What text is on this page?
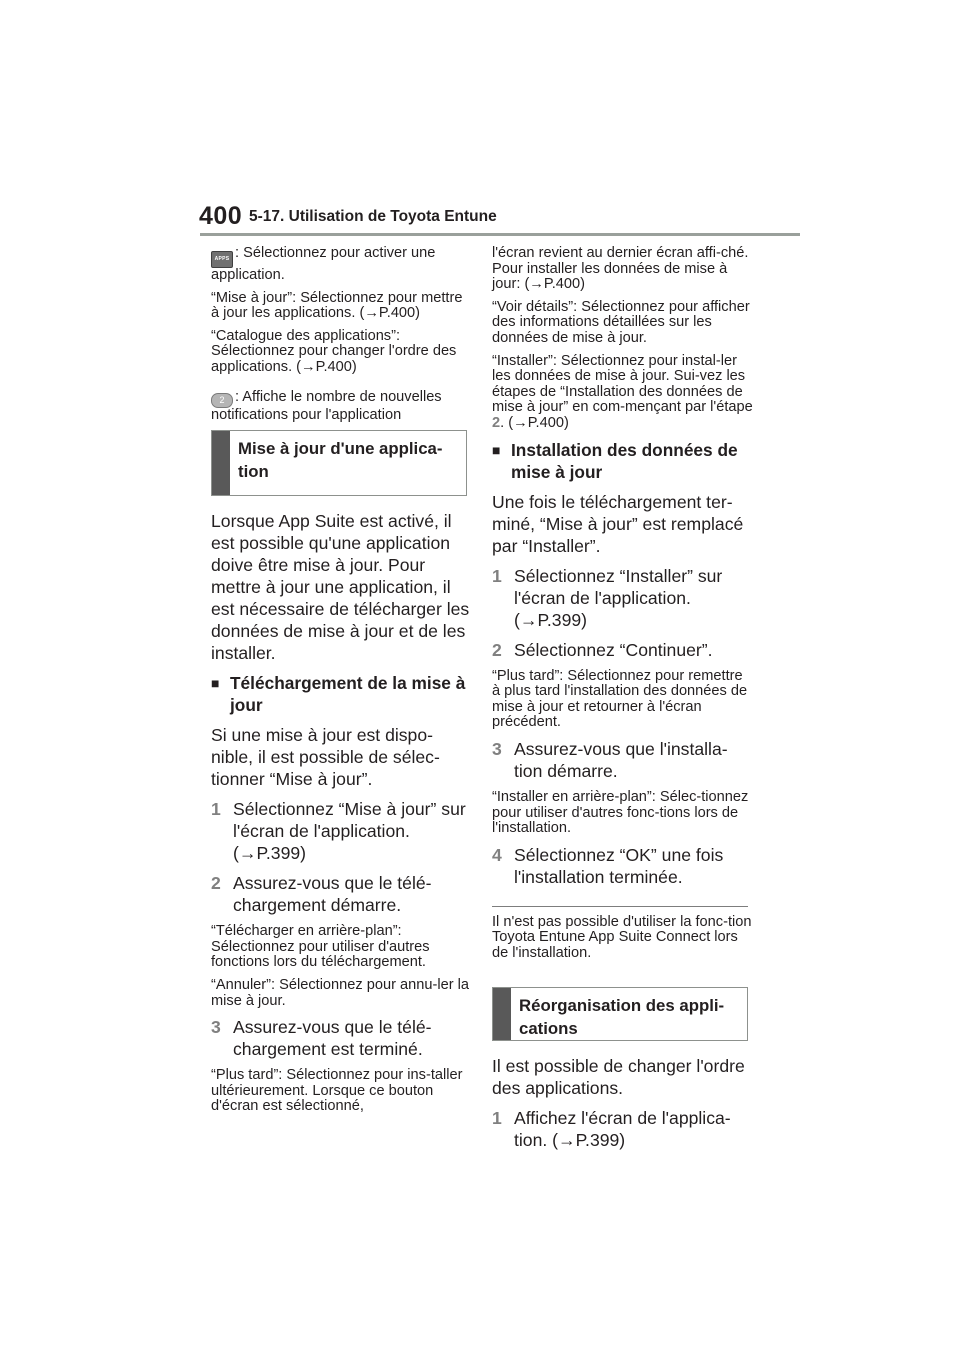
400 5-17. Utilisation de Toyota Entune

APPS : Sélectionnez pour activer une application.

“Mise à jour”: Sélectionnez pour mettre à jour les applications. (→P.400)

“Catalogue des applications”: Sélectionnez pour changer l'ordre des applications. (→P.400)

2 : Affiche le nombre de nouvelles notifications pour l'application

Mise à jour d'une applica-tion

Lorsque App Suite est activé, il est possible qu'une application doive être mise à jour. Pour mettre à jour une application, il est nécessaire de télécharger les données de mise à jour et de les installer.

■ Téléchargement de la mise à jour

Si une mise à jour est dispo-nible, il est possible de sélec-tionner “Mise à jour”.

1 Sélectionnez “Mise à jour” sur l'écran de l'application. (→P.399)
2 Assurez-vous que le télé-chargement démarre.

“Télécharger en arrière-plan”: Sélectionnez pour utiliser d'autres fonctions lors du téléchargement.

“Annuler”: Sélectionnez pour annu-ler la mise à jour.

3 Assurez-vous que le télé-chargement est terminé.

“Plus tard”: Sélectionnez pour ins-taller ultérieurement. Lorsque ce bouton d'écran est sélectionné,

l'écran revient au dernier écran affi-ché. Pour installer les données de mise à jour: (→P.400)

“Voir détails”: Sélectionnez pour afficher des informations détaillées sur les données de mise à jour.

“Installer”: Sélectionnez pour instal-ler les données de mise à jour. Sui-vez les étapes de “Installation des données de mise à jour” en com-mençant par l'étape 2. (→P.400)

■ Installation des données de mise à jour

Une fois le téléchargement ter-miné, “Mise à jour” est remplacé par “Installer”.

1 Sélectionnez “Installer” sur l'écran de l'application. (→P.399)
2 Sélectionnez “Continuer”.

“Plus tard”: Sélectionnez pour remettre à plus tard l'installation des données de mise à jour et retourner à l'écran précédent.

3 Assurez-vous que l'installa-tion démarre.

“Installer en arrière-plan”: Sélec-tionnez pour utiliser d'autres fonc-tions lors de l'installation.

4 Sélectionnez “OK” une fois l'installation terminée.

Il n'est pas possible d'utiliser la fonc-tion Toyota Entune App Suite Connect lors de l'installation.

Réorganisation des appli-cations

Il est possible de changer l'ordre des applications.

1 Affichez l'écran de l'applica-tion. (→P.399)
